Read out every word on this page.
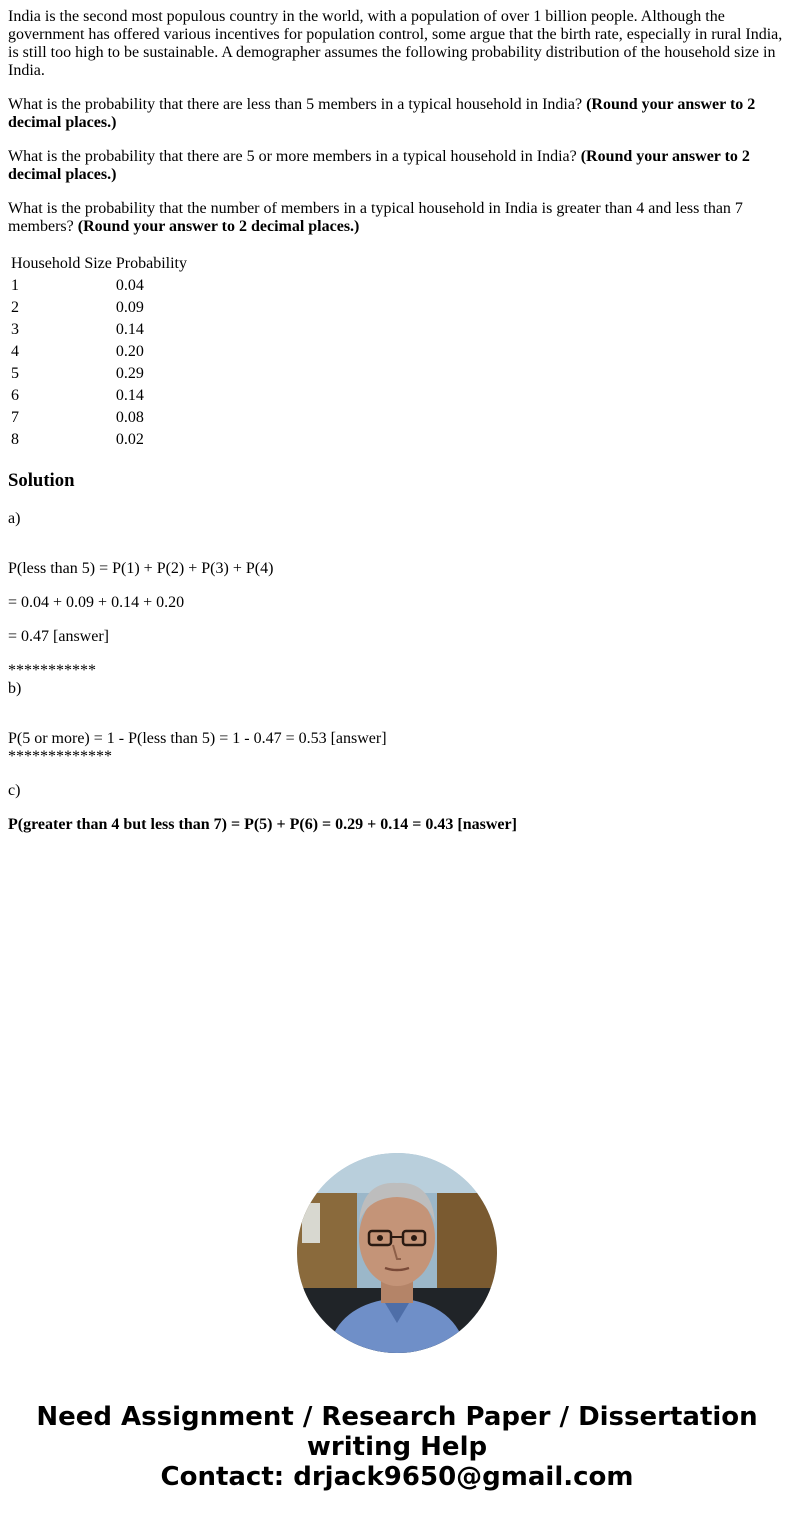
India is the second most populous country in the world, with a population of over 1 billion people. Although the government has offered various incentives for population control, some argue that the birth rate, especially in rural India, is still too high to be sustainable. A demographer assumes the following probability distribution of the household size in India.

What is the probability that there are less than 5 members in a typical household in India? (Round your answer to 2 decimal places.)

What is the probability that there are 5 or more members in a typical household in India? (Round your answer to 2 decimal places.)

What is the probability that the number of members in a typical household in India is greater than 4 and less than 7 members? (Round your answer to 2 decimal places.)

Household Size	Probability
1	0.04
2	0.09
3	0.14
4	0.20
5	0.29
6	0.14
7	0.08
8	0.02
Solution

a)

P(less than 5) = P(1) + P(2) + P(3) + P(4)

= 0.04 + 0.09 + 0.14 + 0.20

= 0.47 [answer]

***********

b)

P(5 or more) = 1 - P(less than 5) = 1 - 0.47 = 0.53 [answer]

*************

c)

P(greater than 4 but less than 7) = P(5) + P(6) = 0.29 + 0.14 = 0.43 [naswer]

Need Assignment / Research Paper / Dissertation
writing Help
Contact: drjack9650@gmail.com
